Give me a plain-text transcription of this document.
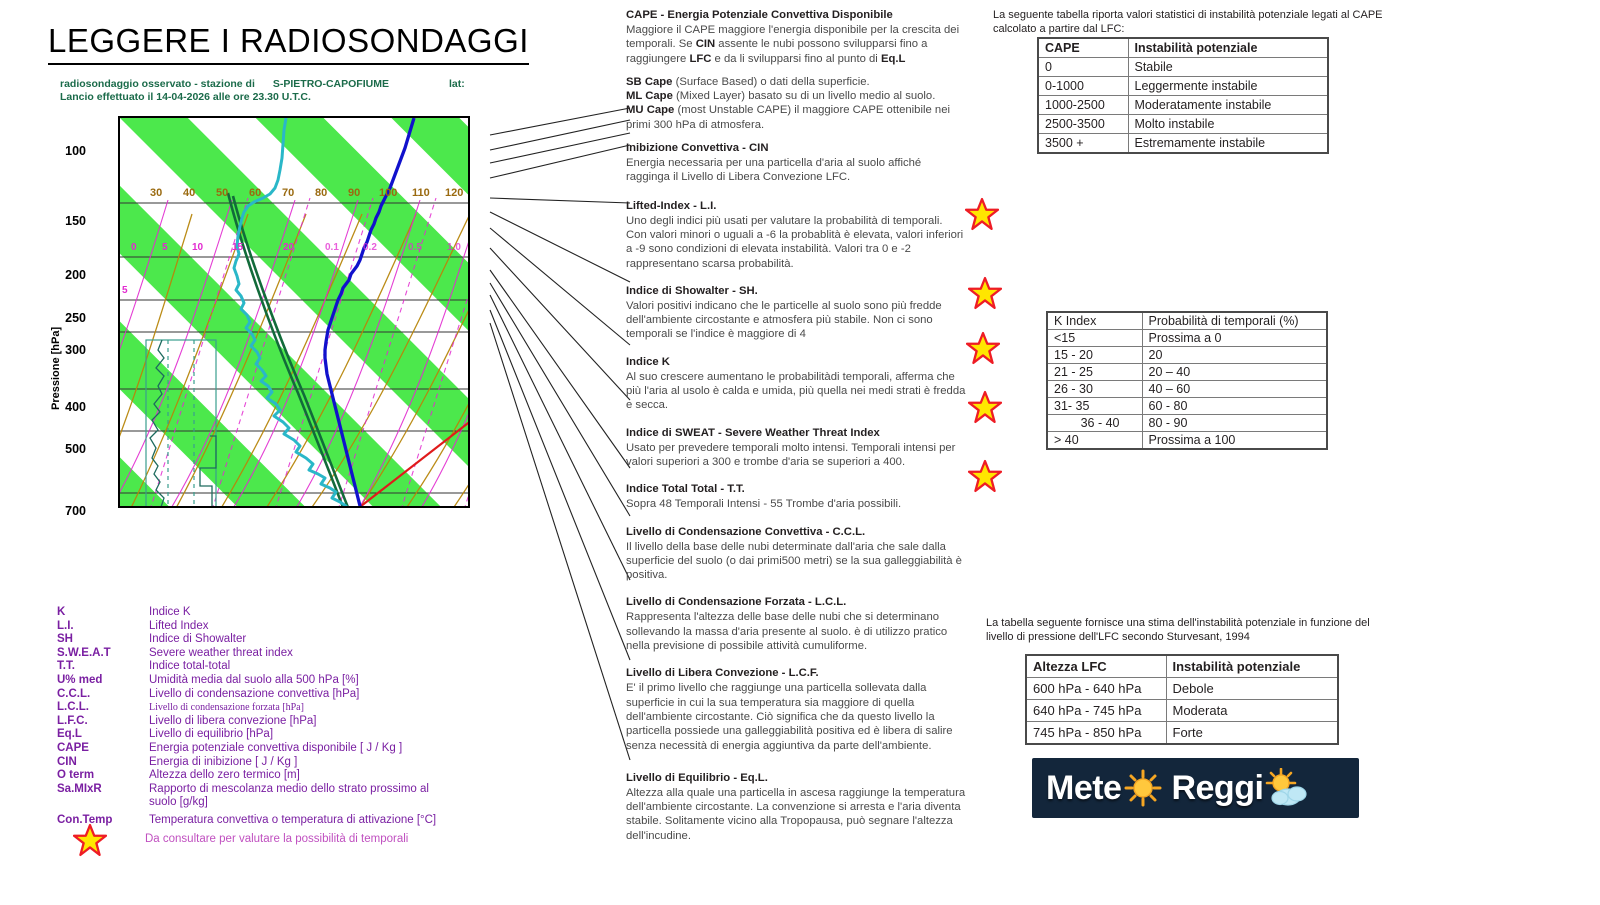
LEGGERE I RADIOSONDAGGI
radiosondaggio osservato - stazione di S-PIETRO-CAPOFIUME	lat:
Lancio effettuato il 14-04-2026 alle ore 23.30 U.T.C.
Pressione [hPa]
100
150
200
250
300
400
500
700
30 40 50 60 70 80 90 100 110 120
0	5 10	15	20	0.1 0.2	0.5	1.0
5
CAPE - Energia Potenziale Convettiva Disponibile
Maggiore il CAPE maggiore l'energia disponibile per la crescita dei temporali. Se CIN assente le nubi possono svilupparsi fino a raggiungere LFC e da li svilupparsi fino al punto di Eq.L
SB Cape (Surface Based) o dati della superficie.
ML Cape (Mixed Layer) basato su di un livello medio al suolo.
MU Cape (most Unstable CAPE) il maggiore CAPE ottenibile nei primi 300 hPa di atmosfera.
Inibizione Convettiva - CIN
Energia necessaria per una particella d'aria al suolo affiché ragginga il Livello di Libera Convezione LFC.
Lifted-Index - L.I.
Uno degli indici più usati per valutare la probabilità di temporali. Con valori minori o uguali a -6 la probablità è elevata, valori inferiori a -9 sono condizioni di elevata instabilità. Valori tra 0 e -2 rappresentano scarsa probabilità.
Indice di Showalter - SH.
Valori positivi indicano che le particelle al suolo sono più fredde dell'ambiente circostante e atmosfera più stabile. Non ci sono temporali se l'indice è maggiore di 4
Indice K
Al suo crescere aumentano le probabilitàdi temporali, afferma che più l'aria al usolo è calda e umida, più quella nei medi strati è fredda e secca.
Indice di SWEAT - Severe Weather Threat Index
Usato per prevedere temporali molto intensi. Temporali intensi per valori superiori a 300 e trombe d'aria se superiori a 400.
Indice Total Total - T.T.
Sopra 48 Temporali Intensi - 55 Trombe d'aria possibili.
Livello di Condensazione Convettiva - C.C.L.
Il livello della base delle nubi determinate dall'aria che sale dalla superficie del suolo (o dai primi500 metri) se la sua galleggiabilità è positiva.
Livello di Condensazione Forzata - L.C.L.
Rappresenta l'altezza delle base delle nubi che si determinano sollevando la massa d'aria presente al suolo. è di utilizzo pratico nella previsione di possibile attività cumuliforme.
Livello di Libera Convezione - L.C.F.
E' il primo livello che raggiunge una particella sollevata dalla superficie in cui la sua temperatura sia maggiore di quella dell'ambiente circostante. Ciò significa che da questo livello la particella possiede una galleggiabilità positiva ed è libera di salire senza necessità di energia aggiuntiva da parte dell'ambiente.
Livello di Equilibrio - Eq.L.
Altezza alla quale una particella in ascesa raggiunge la temperatura dell'ambiente circostante. La convenzione si arresta e l'aria diventa stabile. Solitamente vicino alla Tropopausa, può segnare l'altezza dell'incudine.
La seguente tabella riporta valori statistici di instabilità potenziale legati al CAPE calcolato a partire dal LFC:
CAPE	Instabilità potenziale
0	Stabile
0-1000	Leggermente instabile
1000-2500	Moderatamente instabile
2500-3500	Molto instabile
3500 +	Estremamente instabile
K Index	Probabilità di temporali (%)
<15	Prossima a 0
15 - 20	20
21 - 25	20 – 40
26 - 30	40 – 60
31- 35	60 - 80
36 - 40	80 - 90
> 40	Prossima a 100
La tabella seguente fornisce una stima dell'instabilità potenziale in funzione del livello di pressione dell'LFC secondo Sturvesant, 1994
Altezza LFC	Instabilità potenziale
600 hPa - 640 hPa	Debole
640 hPa - 745 hPa	Moderata
745 hPa - 850 hPa	Forte
K	Indice K
L.I.	Lifted Index
SH	Indice di Showalter
S.W.E.A.T	Severe weather threat index
T.T.	Indice total-total
U% med	Umidità media dal suolo alla 500 hPa [%]
C.C.L.	Livello di condensazione convettiva [hPa]
L.C.L.	Livello di condensazione forzata [hPa]
L.F.C.	Livello di libera convezione [hPa]
Eq.L	Livello di equilibrio [hPa]
CAPE	Energia potenziale convettiva disponibile [ J / Kg ]
CIN	Energia di inibizione [ J / Kg ]
O term	Altezza dello zero termico [m]
Sa.MIxR	Rapporto di mescolanza medio dello strato prossimo al suolo [g/kg]
Con.Temp	Temperatura convettiva o temperatura di attivazione [°C]
Da consultare per valutare la possibilità di temporali
Mete Reggi
